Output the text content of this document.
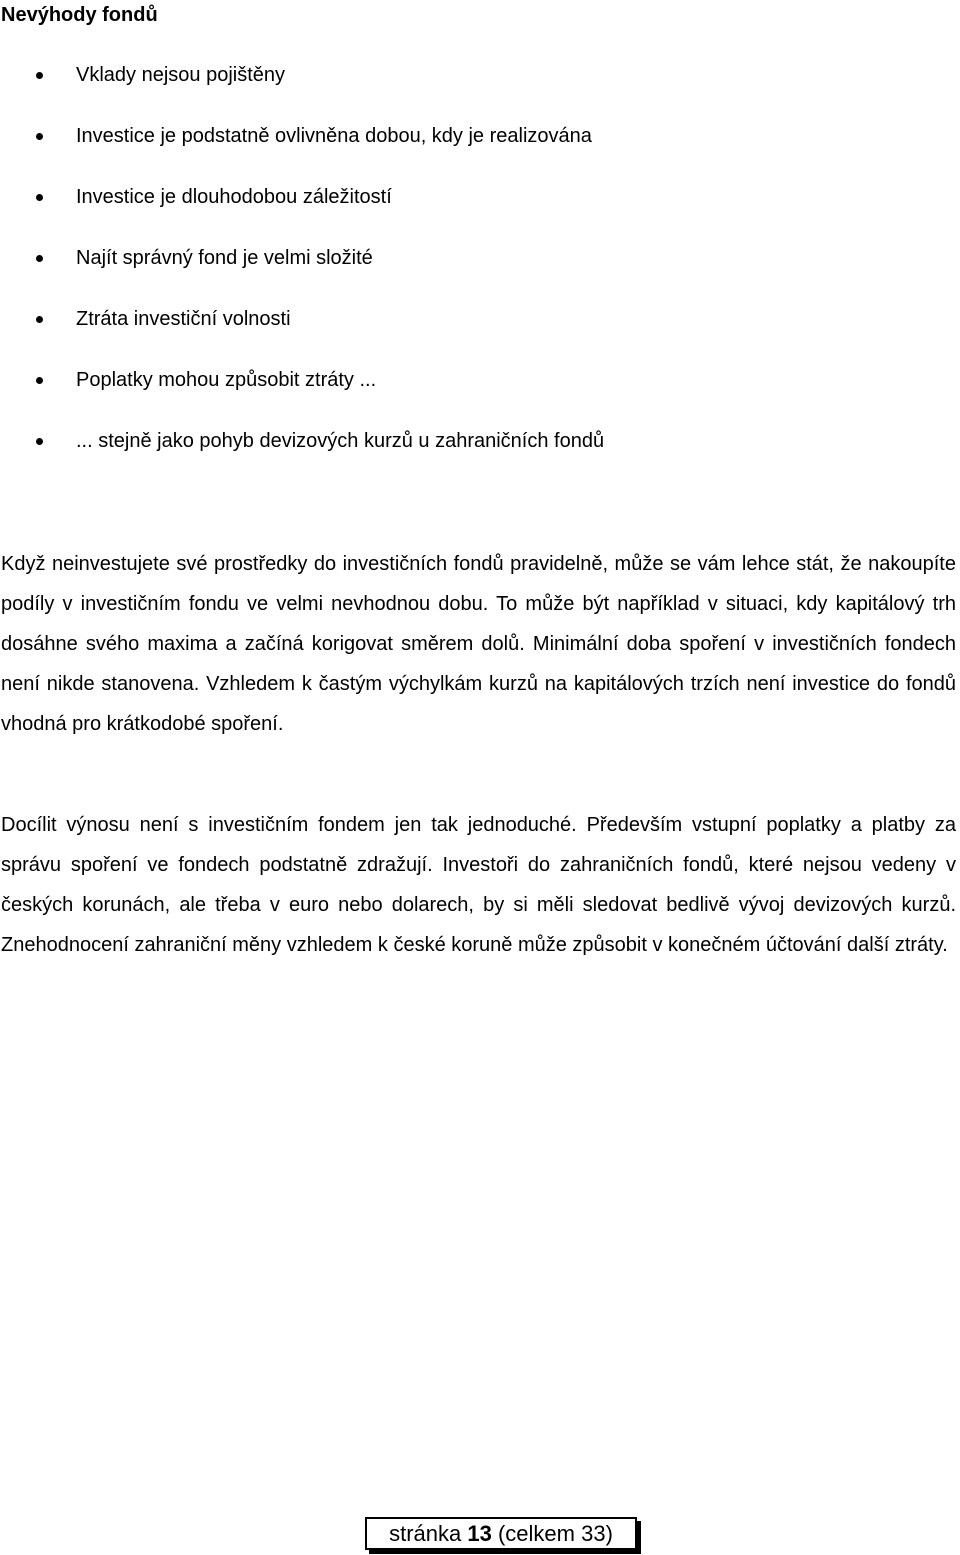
Nevýhody fondů
Vklady nejsou pojištěny
Investice je podstatně ovlivněna dobou, kdy je realizována
Investice je dlouhodobou záležitostí
Najít správný fond je velmi složité
Ztráta investiční volnosti
Poplatky mohou způsobit ztráty ...
... stejně jako pohyb devizových kurzů u zahraničních fondů

Když neinvestujete své prostředky do investičních fondů pravidelně, může se vám lehce stát, že nakoupíte podíly v investičním fondu ve velmi nevhodnou dobu. To může být například v situaci, kdy kapitálový trh dosáhne svého maxima a začíná korigovat směrem dolů. Minimální doba spoření v investičních fondech není nikde stanovena. Vzhledem k častým výchylkám kurzů na kapitálových trzích není investice do fondů vhodná pro krátkodobé spoření.

Docílit výnosu není s investičním fondem jen tak jednoduché. Především vstupní poplatky a platby za správu spoření ve fondech podstatně zdražují. Investoři do zahraničních fondů, které nejsou vedeny v českých korunách, ale třeba v euro nebo dolarech, by si měli sledovat bedlivě vývoj devizových kurzů. Znehodnocení zahraniční měny vzhledem k české koruně může způsobit v konečném účtování další ztráty.

stránka 13 (celkem 33)
